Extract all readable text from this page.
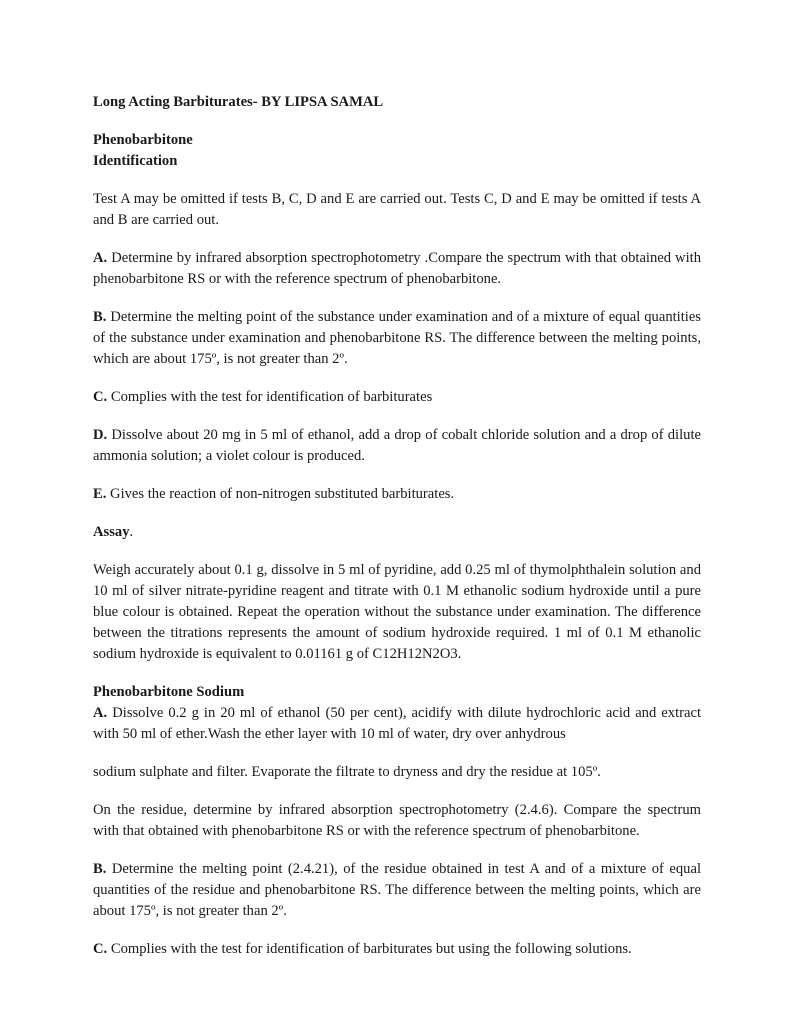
Long Acting Barbiturates- BY LIPSA SAMAL
Phenobarbitone
Identification

Test A may be omitted if tests B, C, D and E are carried out. Tests C, D and E may be omitted if tests A and B are carried out.

A. Determine by infrared absorption spectrophotometry .Compare the spectrum with that obtained with phenobarbitone RS or with the reference spectrum of phenobarbitone.

B. Determine the melting point of the substance under examination and of a mixture of equal quantities of the substance under examination and phenobarbitone RS. The difference between the melting points, which are about 175º, is not greater than 2º.

C. Complies with the test for identification of barbiturates

D. Dissolve about 20 mg in 5 ml of ethanol, add a drop of cobalt chloride solution and a drop of dilute ammonia solution; a violet colour is produced.

E. Gives the reaction of non-nitrogen substituted barbiturates.

Assay.

Weigh accurately about 0.1 g, dissolve in 5 ml of pyridine, add 0.25 ml of thymolphthalein solution and 10 ml of silver nitrate-pyridine reagent and titrate with 0.1 M ethanolic sodium hydroxide until a pure blue colour is obtained. Repeat the operation without the substance under examination. The difference between the titrations represents the amount of sodium hydroxide required. 1 ml of 0.1 M ethanolic sodium hydroxide is equivalent to 0.01161 g of C12H12N2O3.

Phenobarbitone Sodium

A. Dissolve 0.2 g in 20 ml of ethanol (50 per cent), acidify with dilute hydrochloric acid and extract with 50 ml of ether.Wash the ether layer with 10 ml of water, dry over anhydrous

sodium sulphate and filter. Evaporate the filtrate to dryness and dry the residue at 105º.

On the residue, determine by infrared absorption spectrophotometry (2.4.6). Compare the spectrum with that obtained with phenobarbitone RS or with the reference spectrum of phenobarbitone.

B. Determine the melting point (2.4.21), of the residue obtained in test A and of a mixture of equal quantities of the residue and phenobarbitone RS. The difference between the melting points, which are about 175º, is not greater than 2º.

C. Complies with the test for identification of barbiturates but using the following solutions.
